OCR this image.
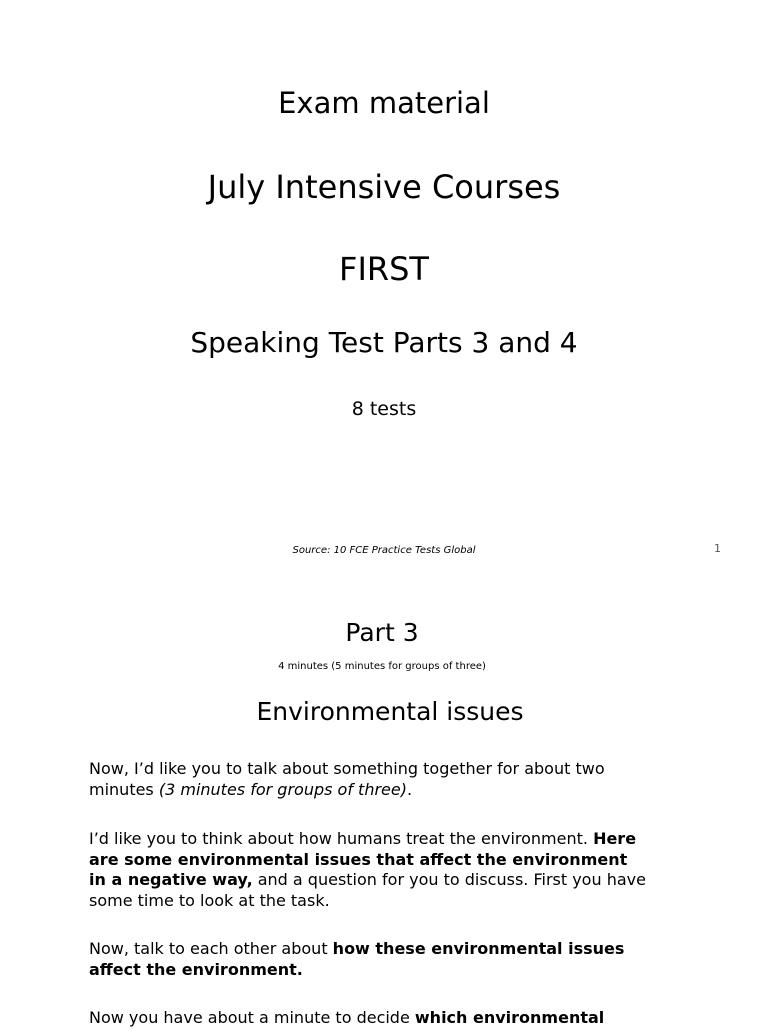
Exam material
July Intensive Courses
FIRST
Speaking Test Parts 3 and 4
8 tests
Source: 10 FCE Practice Tests Global	1
Part 3
4 minutes (5 minutes for groups of three)
Environmental issues

Now, I’d like you to talk about something together for about two minutes (3 minutes for groups of three).

I’d like you to think about how humans treat the environment. Here are some environmental issues that affect the environment in a negative way, and a question for you to discuss. First you have some time to look at the task.

Now, talk to each other about how these environmental issues affect the environment.

Now you have about a minute to decide which environmental
